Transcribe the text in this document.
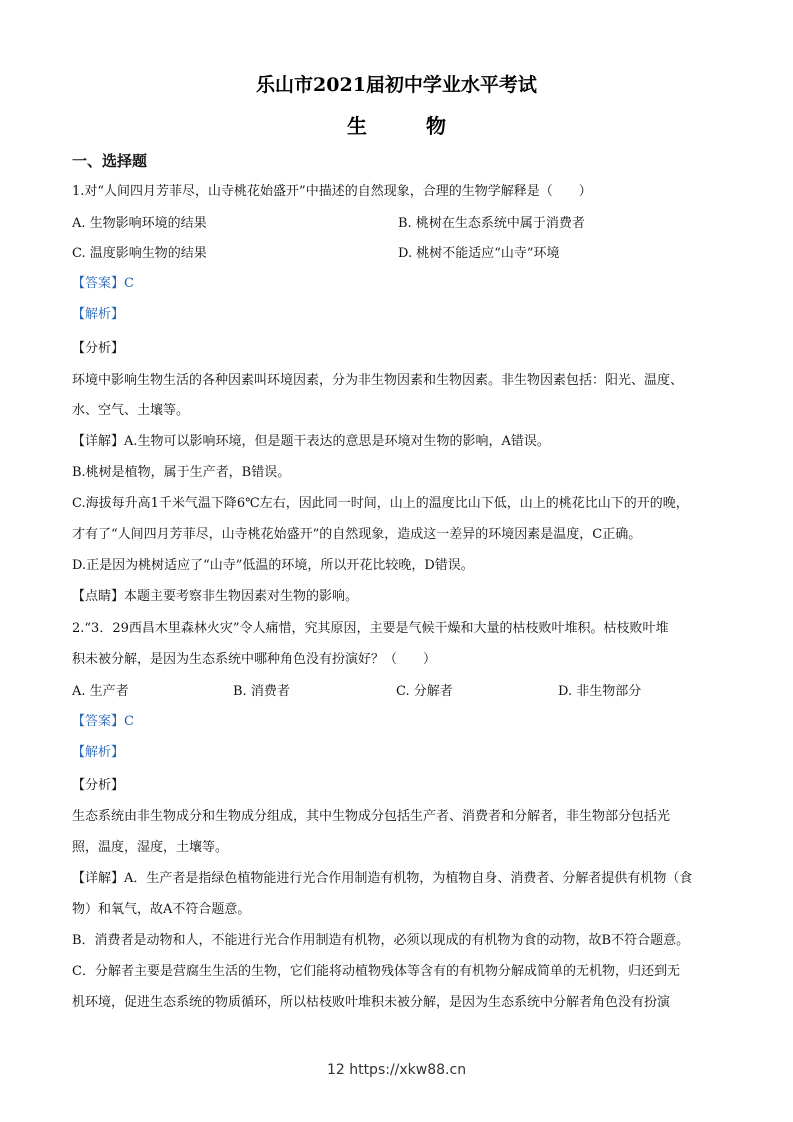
乐山市2021届初中学业水平考试
生 物
一、选择题
1.对“人间四月芳菲尽，山寺桃花始盛开”中描述的自然现象，合理的生物学解释是（　　）
A. 生物影响环境的结果	B. 桃树在生态系统中属于消费者
C. 温度影响生物的结果	D. 桃树不能适应“山寺”环境
【答案】C
【解析】
【分析】
环境中影响生物生活的各种因素叫环境因素，分为非生物因素和生物因素。非生物因素包括：阳光、温度、
水、空气、土壤等。
【详解】A.生物可以影响环境，但是题干表达的意思是环境对生物的影响，A错误。
B.桃树是植物，属于生产者，B错误。
C.海拔每升高1千米气温下降6℃左右，因此同一时间，山上的温度比山下低，山上的桃花比山下的开的晚，
才有了“人间四月芳菲尽，山寺桃花始盛开”的自然现象，造成这一差异的环境因素是温度，C正确。
D.正是因为桃树适应了“山寺”低温的环境，所以开花比较晚，D错误。
【点睛】本题主要考察非生物因素对生物的影响。
2.“3．29西昌木里森林火灾”令人痛惜，究其原因，主要是气候干燥和大量的枯枝败叶堆积。枯枝败叶堆
积未被分解，是因为生态系统中哪种角色没有扮演好？（　　）
A. 生产者	B. 消费者	C. 分解者	D. 非生物部分
【答案】C
【解析】
【分析】
生态系统由非生物成分和生物成分组成，其中生物成分包括生产者、消费者和分解者，非生物部分包括光
照，温度，湿度，土壤等。
【详解】A．生产者是指绿色植物能进行光合作用制造有机物，为植物自身、消费者、分解者提供有机物（食
物）和氧气，故A不符合题意。
B．消费者是动物和人，不能进行光合作用制造有机物，必须以现成的有机物为食的动物，故B不符合题意。
C．分解者主要是营腐生生活的生物，它们能将动植物残体等含有的有机物分解成简单的无机物，归还到无
机环境，促进生态系统的物质循环，所以枯枝败叶堆积未被分解，是因为生态系统中分解者角色没有扮演
12 https://xkw88.cn
